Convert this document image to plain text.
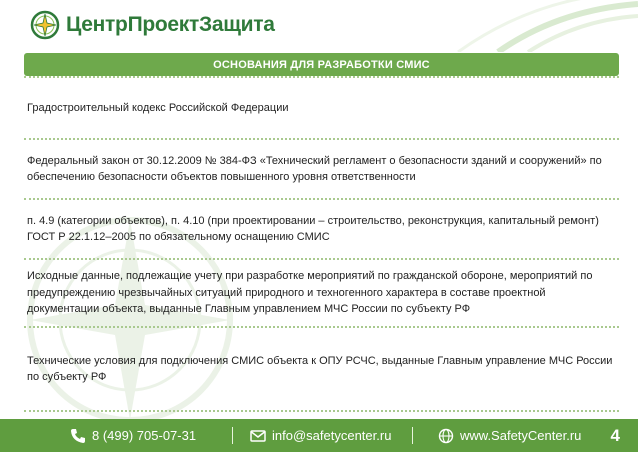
ЦентрПроектЗащита
ОСНОВАНИЯ ДЛЯ РАЗРАБОТКИ СМИС
Градостроительный кодекс Российской Федерации
Федеральный закон от 30.12.2009 № 384-ФЗ «Технический регламент о безопасности зданий и сооружений» по обеспечению безопасности объектов повышенного уровня ответственности
п. 4.9 (категории объектов), п. 4.10 (при проектировании – строительство, реконструкция, капитальный ремонт) ГОСТ Р 22.1.12–2005 по обязательному оснащению СМИС
Исходные данные, подлежащие учету при разработке мероприятий по гражданской обороне, мероприятий по предупреждению чрезвычайных ситуаций природного и техногенного характера в составе проектной документации объекта, выданные Главным управлением МЧС России по субъекту РФ
Технические условия для подключения СМИС объекта к ОПУ РСЧС, выданные Главным управление МЧС России по субъекту РФ
8 (499) 705-07-31	info@safetycenter.ru	www.SafetyCenter.ru 4
